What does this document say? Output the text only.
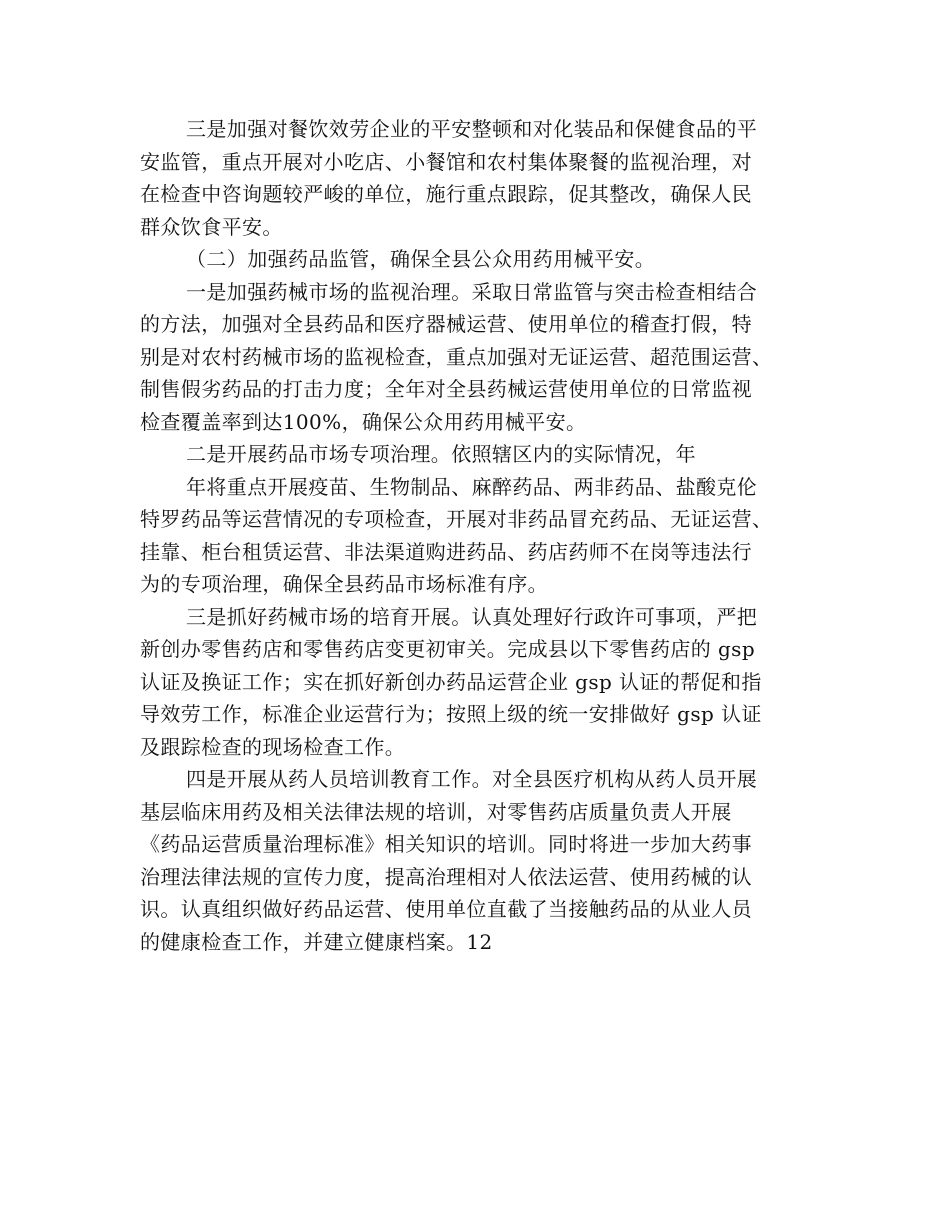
三是加强对餐饮效劳企业的平安整顿和对化装品和保健食品的平
安监管，重点开展对小吃店、小餐馆和农村集体聚餐的监视治理，对
在检查中咨询题较严峻的单位，施行重点跟踪，促其整改，确保人民
群众饮食平安。
（二）加强药品监管，确保全县公众用药用械平安。
一是加强药械市场的监视治理。采取日常监管与突击检查相结合
的方法，加强对全县药品和医疗器械运营、使用单位的稽查打假，特
别是对农村药械市场的监视检查，重点加强对无证运营、超范围运营、
制售假劣药品的打击力度；全年对全县药械运营使用单位的日常监视
检查覆盖率到达100%，确保公众用药用械平安。
二是开展药品市场专项治理。依照辖区内的实际情况，年
年将重点开展疫苗、生物制品、麻醉药品、两非药品、盐酸克伦
特罗药品等运营情况的专项检查，开展对非药品冒充药品、无证运营、
挂靠、柜台租赁运营、非法渠道购进药品、药店药师不在岗等违法行
为的专项治理，确保全县药品市场标准有序。
三是抓好药械市场的培育开展。认真处理好行政许可事项，严把
新创办零售药店和零售药店变更初审关。完成县以下零售药店的 gsp
认证及换证工作；实在抓好新创办药品运营企业 gsp 认证的帮促和指
导效劳工作，标准企业运营行为；按照上级的统一安排做好 gsp 认证
及跟踪检查的现场检查工作。
四是开展从药人员培训教育工作。对全县医疗机构从药人员开展
基层临床用药及相关法律法规的培训，对零售药店质量负责人开展
《药品运营质量治理标准》相关知识的培训。同时将进一步加大药事
治理法律法规的宣传力度，提高治理相对人依法运营、使用药械的认
识。认真组织做好药品运营、使用单位直截了当接触药品的从业人员
的健康检查工作，并建立健康档案。12
